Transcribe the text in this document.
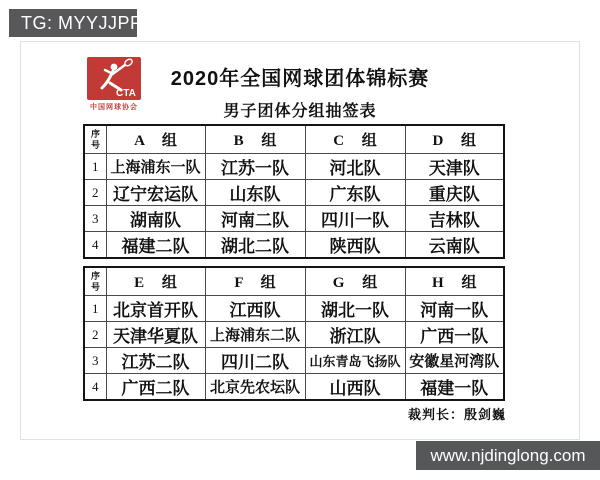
TG: MYYJJPP
CTA
中国网球协会
2020年全国网球团体锦标赛
男子团体分组抽签表
序号	A 组	B 组	C 组	D 组
1	上海浦东一队	江苏一队	河北队	天津队
2	辽宁宏运队	山东队	广东队	重庆队
3	湖南队	河南二队	四川一队	吉林队
4	福建二队	湖北二队	陕西队	云南队
序号	E 组	F 组	G 组	H 组
1	北京首开队	江西队	湖北一队	河南一队
2	天津华夏队	上海浦东二队	浙江队	广西一队
3	江苏二队	四川二队	山东青岛飞扬队	安徽星河湾队
4	广西二队	北京先农坛队	山西队	福建一队
裁判长：殷剑巍
www.njdinglong.com
